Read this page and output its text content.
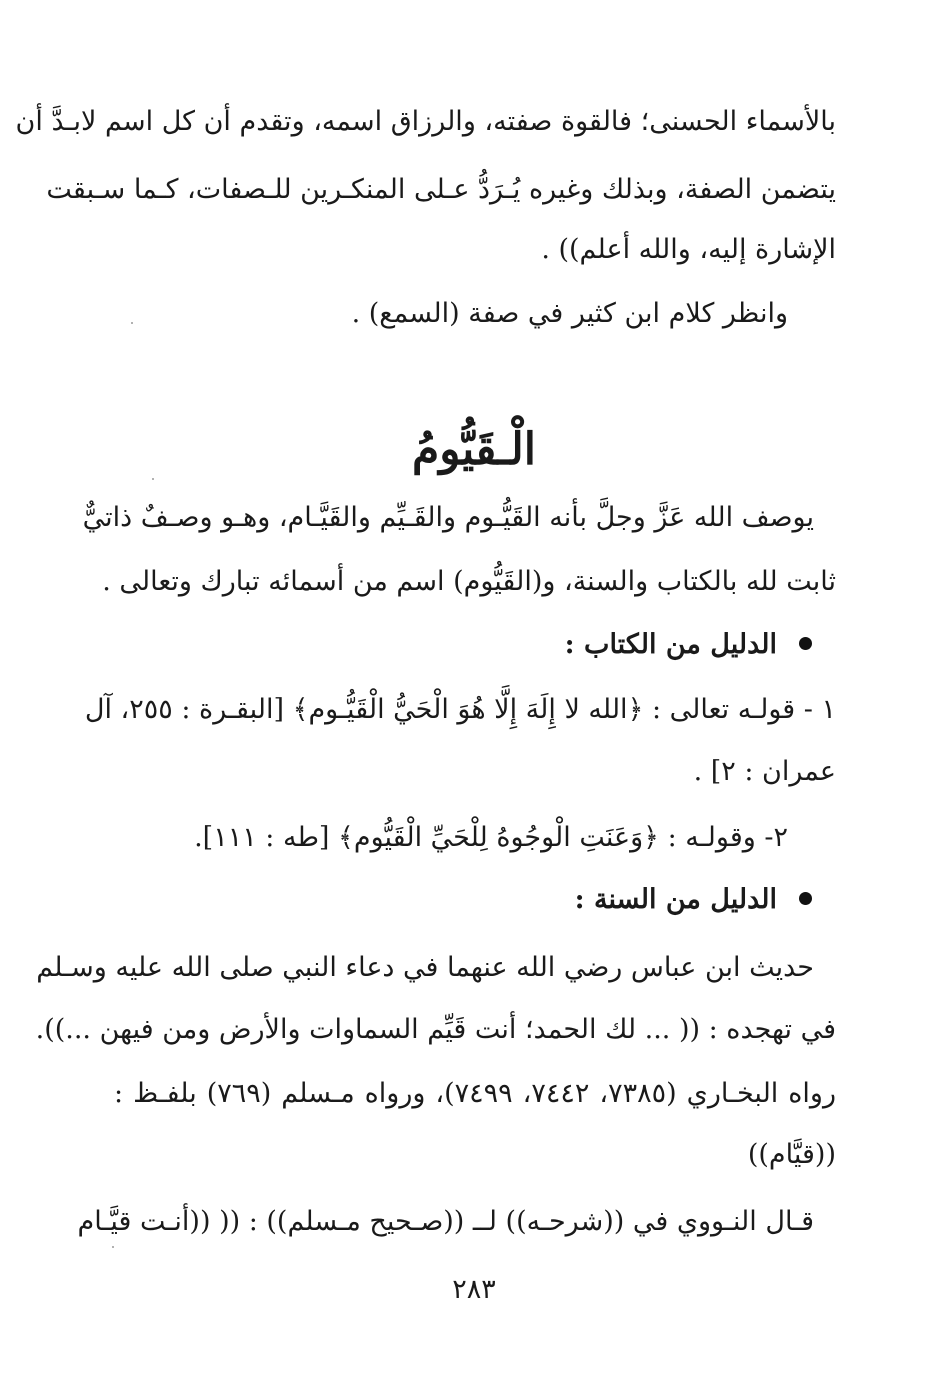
بالأسماء الحسنى؛ فالقوة صفته، والرزاق اسمه، وتقدم أن كل اسم لابـدَّ أن
يتضمن الصفة، وبذلك وغيره يُـرَدُّ عـلى المنكـرين للـصفات، كـما سـبقت
الإشارة إليه، والله أعلم)) .
وانظر كلام ابن كثير في صفة (السمع) .
الْـقَيُّومُ
يوصف الله عَزَّ وجلَّ بأنه القَيُّـوم والقَـيِّم والقَيَّـام، وهـو وصـفٌ ذاتيٌّ
ثابت لله بالكتاب والسنة، و(القَيُّوم) اسم من أسمائه تبارك وتعالى .
الدليل من الكتاب :
١ - قولـه تعالى : ﴿الله لا إِلَهَ إِلَّا هُوَ الْحَيُّ الْقَيُّـوم﴾ [البقـرة : ٢٥٥، آل
عمران : ٢] .
٢- وقولـه : ﴿وَعَنَتِ الْوجُوهُ لِلْحَيِّ الْقَيُّوم﴾ [طه : ١١١].
الدليل من السنة :
حديث ابن عباس رضي الله عنهما في دعاء النبي صلى الله عليه وسـلم
في تهجده : (( ... لك الحمد؛ أنت قَيِّم السماوات والأرض ومن فيهن ...)).
رواه البخـاري (٧٣٨٥، ٧٤٤٢، ٧٤٩٩)، ورواه مـسلم (٧٦٩) بلفـظ :
((قيَّام))
قـال النـووي في ((شرحـه)) لــ ((صـحيح مـسلم)) : (( ((أنـت قيَّـام
٢٨٣
